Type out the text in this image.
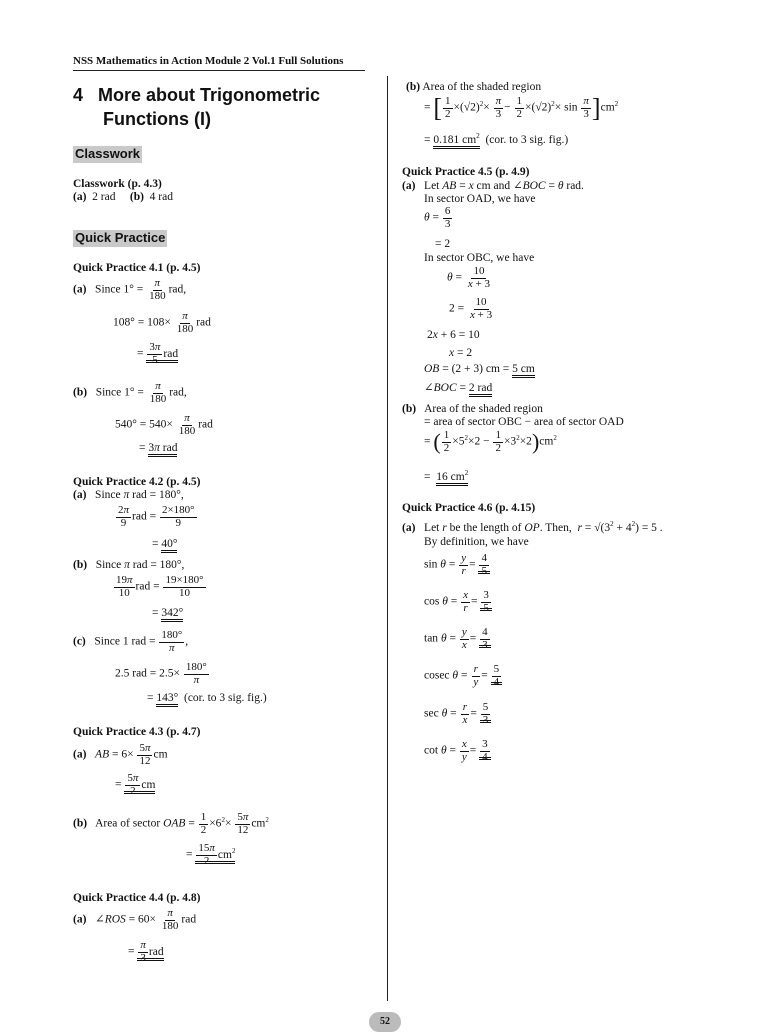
NSS Mathematics in Action Module 2 Vol.1 Full Solutions
4 More about Trigonometric
Functions (I)
Classwork
Classwork (p. 4.3)
(a) 2 rad (b) 4 rad
Quick Practice
Quick Practice 4.1 (p. 4.5)
(a)   Since $1^\circ = \frac{\pi}{180}$ rad,
$108^\circ = 108\times \frac{\pi}{180}$ rad
= $\frac{3\pi}{5}$ rad
(b)   Since $1^\circ = \frac{\pi}{180}$ rad,
$540^\circ = 540\times \frac{\pi}{180}$ rad
= 3π rad
Quick Practice 4.2 (p. 4.5)
(a)   Since π rad = 180°,
$\frac{2\pi}{9}$ rad = $\frac{2\times 180^\circ}{9}$
= 40°
(b)   Since π rad = 180°,
$\frac{19\pi}{10}$ rad = $\frac{19\times 180^\circ}{10}$
= 342°
(c)   Since 1 rad = $\frac{180^\circ}{\pi}$ ,
2.5 rad = $2.5\times \frac{180^\circ}{\pi}$
= 143° (cor. to 3 sig. fig.)
Quick Practice 4.3 (p. 4.7)
(a) AB = $6\times \frac{5\pi}{12}$ cm
= $\frac{5\pi}{2}$ cm
(b) Area of sector OAB = $\frac{1}{2} \times 6^2\times \frac{5\pi}{12} cm^2$
= $\frac{15\pi}{2} cm^2$
Quick Practice 4.4 (p. 4.8)
(a)   ∠ROS = $60\times \frac{\pi}{180}$ rad
= $\frac{\pi}{3}$ rad
(b) Area of the shaded region
= [ $\frac{1}{2} \times(√2)^2\times \frac{\pi}{3} - \frac{1}{2} \times(√2)^2\times \sin \frac{\pi}{3} ]cm^2$
= 0.181 $cm^2$ (cor. to 3 sig. fig.)
Quick Practice 4.5 (p. 4.9)
(a)   Let AB = x cm and ∠BOC = θ rad.
In sector OAD, we have
$\theta = \frac{6}{3}$
= 2
In sector OBC, we have
$\theta = \frac{10}{x + 3}$
$2 = \frac{10}{x + 3}$
2x + 6 = 10
x = 2
OB = (2 + 3) cm = 5 cm
∠BOC = 2 rad
(b) Area of the shaded region
= area of sector OBC − area of sector OAD
= ( $\frac{1}{2} \times 5^2\times 2 - \frac{1}{2} \times 3^2\times 2)cm^2$
=  16 $cm^2$
Quick Practice 4.6 (p. 4.15)
(a)   Let r be the length of OP. Then,  $r = √(3^2 + 4^2) = 5$ .
By definition, we have
$\sin \theta = \frac{y}{r} = \frac{4}{5}$
$\cos \theta = \frac{x}{r} = \frac{3}{5}$
$\tan \theta = \frac{y}{x} = \frac{4}{3}$
cosec $\theta = \frac{r}{y} = \frac{5}{4}$
$\sec \theta = \frac{r}{x} = \frac{5}{3}$
$\cot \theta = \frac{x}{y} = \frac{3}{4}$
52
